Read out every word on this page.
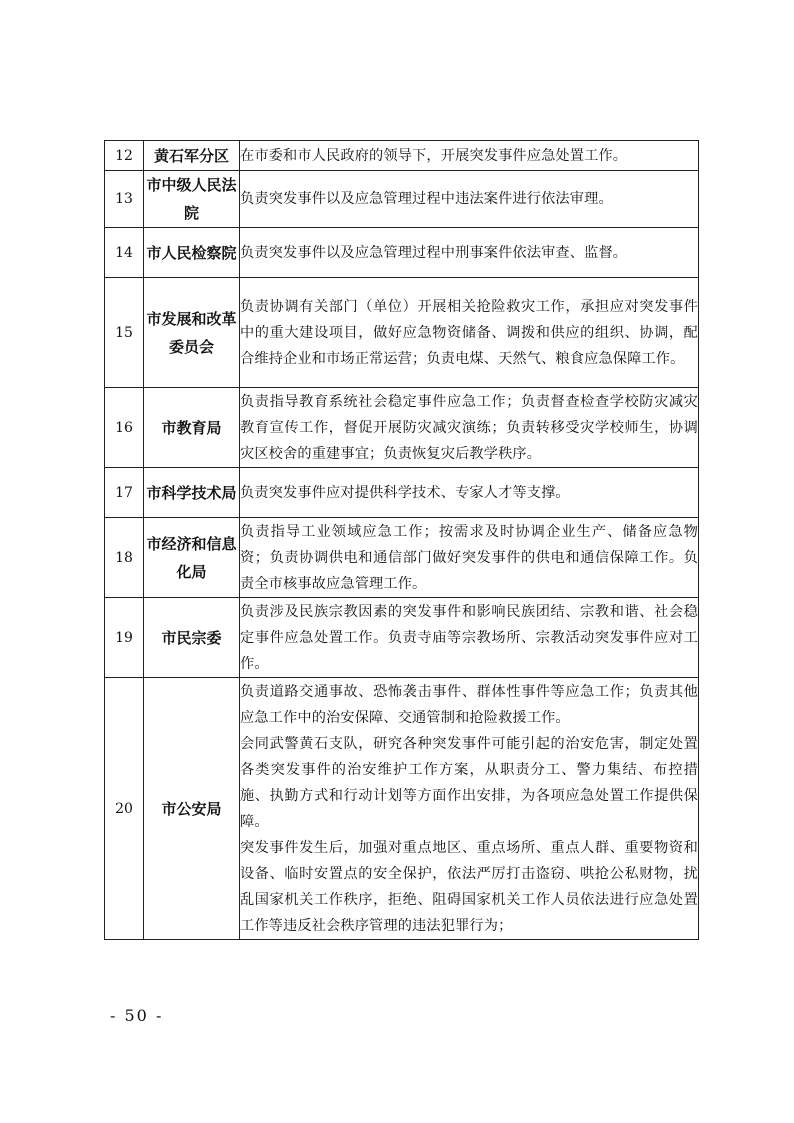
12	黄石军分区	在市委和市人民政府的领导下，开展突发事件应急处置工作。

13	市中级人民法院	负责突发事件以及应急管理过程中违法案件进行依法审理。

14	市人民检察院	负责突发事件以及应急管理过程中刑事案件依法审查、监督。

15	市发展和改革委员会	负责协调有关部门（单位）开展相关抢险救灾工作，承担应对突发事件中的重大建设项目，做好应急物资储备、调拨和供应的组织、协调，配合维持企业和市场正常运营；负责电煤、天然气、粮食应急保障工作。

16	市教育局	负责指导教育系统社会稳定事件应急工作；负责督查检查学校防灾减灾教育宣传工作，督促开展防灾减灾演练；负责转移受灾学校师生，协调灾区校舍的重建事宜；负责恢复灾后教学秩序。

17	市科学技术局	负责突发事件应对提供科学技术、专家人才等支撑。

18	市经济和信息化局	负责指导工业领域应急工作；按需求及时协调企业生产、储备应急物资；负责协调供电和通信部门做好突发事件的供电和通信保障工作。负责全市核事故应急管理工作。

19	市民宗委	负责涉及民族宗教因素的突发事件和影响民族团结、宗教和谐、社会稳定事件应急处置工作。负责寺庙等宗教场所、宗教活动突发事件应对工作。

20	市公安局	负责道路交通事故、恐怖袭击事件、群体性事件等应急工作；负责其他应急工作中的治安保障、交通管制和抢险救援工作。
会同武警黄石支队，研究各种突发事件可能引起的治安危害，制定处置各类突发事件的治安维护工作方案，从职责分工、警力集结、布控措施、执勤方式和行动计划等方面作出安排，为各项应急处置工作提供保障。
突发事件发生后，加强对重点地区、重点场所、重点人群、重要物资和设备、临时安置点的安全保护，依法严厉打击盗窃、哄抢公私财物，扰乱国家机关工作秩序，拒绝、阻碍国家机关工作人员依法进行应急处置工作等违反社会秩序管理的违法犯罪行为；
- 50 -
